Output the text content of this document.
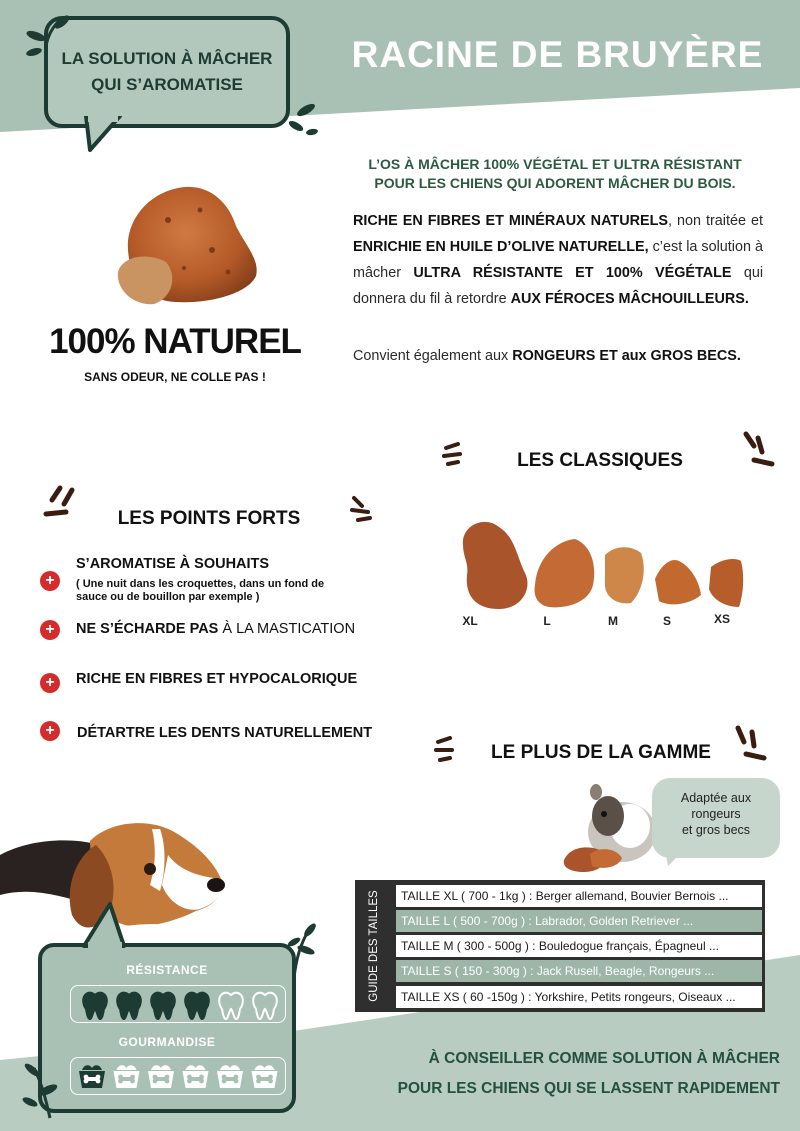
LA SOLUTION À MÂCHER
QUI S’AROMATISE
RACINE DE BRUYÈRE
L’OS À MÂCHER 100% VÉGÉTAL ET ULTRA RÉSISTANT
POUR LES CHIENS QUI ADORENT MÂCHER DU BOIS.
RICHE EN FIBRES ET MINÉRAUX NATURELS, non traitée et ENRICHIE EN HUILE D’OLIVE NATURELLE, c’est la solution à mâcher ULTRA RÉSISTANTE ET 100% VÉGÉTALE qui donnera du fil à retordre AUX FÉROCES MÂCHOUILLEURS.
Convient également aux RONGEURS ET aux GROS BECS.
100% NATUREL
SANS ODEUR, NE COLLE PAS !
LES CLASSIQUES
XL	L	M	S	XS
LES POINTS FORTS
+
S’AROMATISE À SOUHAITS
( Une nuit dans les croquettes, dans un fond de
sauce ou de bouillon par exemple )
+	NE S’ÉCHARDE PAS À LA MASTICATION
+	RICHE EN FIBRES ET HYPOCALORIQUE
+	DÉTARTRE LES DENTS NATURELLEMENT
LE PLUS DE LA GAMME
Adaptée aux
rongeurs
et gros becs
GUIDE DES TAILLES	TAILLE XL ( 700 - 1kg ) : Berger allemand, Bouvier Bernois ...
TAILLE L ( 500 - 700g ) : Labrador, Golden Retriever ...
TAILLE M ( 300 - 500g ) : Bouledogue français, Épagneul ...
TAILLE S ( 150 - 300g ) : Jack Rusell, Beagle, Rongeurs ...
TAILLE XS ( 60 -150g ) : Yorkshire, Petits rongeurs, Oiseaux ...
RÉSISTANCE
GOURMANDISE
À CONSEILLER COMME SOLUTION À MÂCHER
POUR LES CHIENS QUI SE LASSENT RAPIDEMENT
